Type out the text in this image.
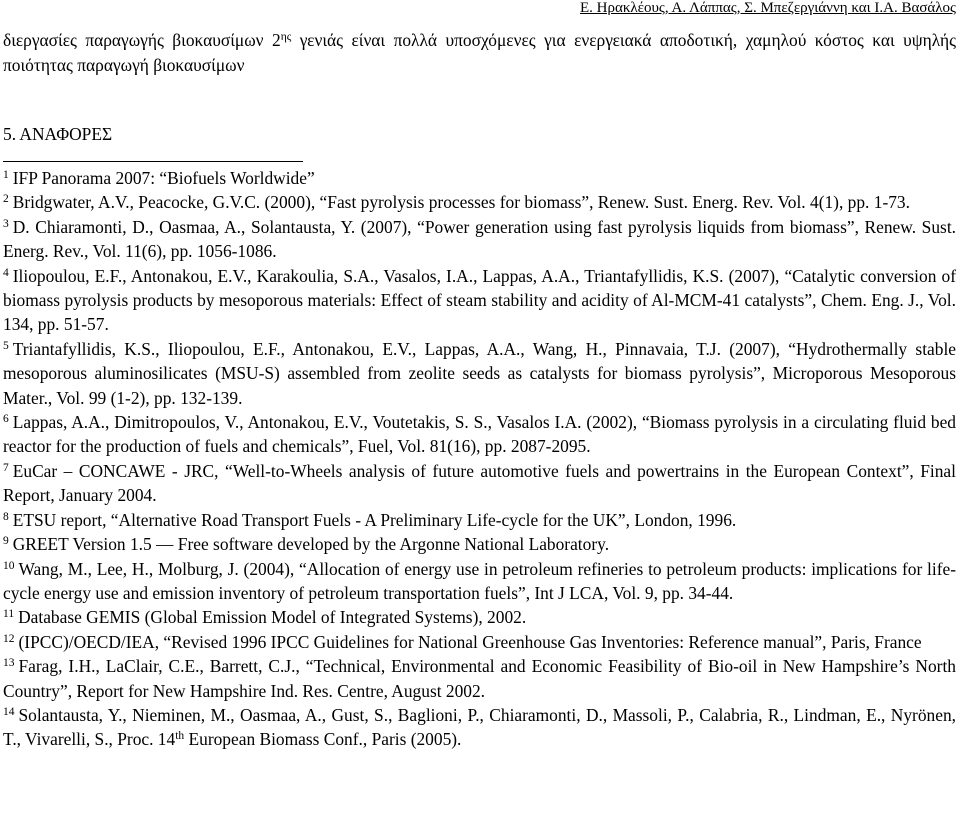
Ε. Ηρακλέους, Α. Λάππας, Σ. Μπεζεργιάννη και Ι.Α. Βασάλος

διεργασίες παραγωγής βιοκαυσίμων $2^{\eta\varsigma}$ γενιάς είναι πολλά υποσχόμενες για ενεργειακά αποδοτική, χαμηλού κόστος και υψηλής ποιότητας παραγωγή βιοκαυσίμων

5. ΑΝΑΦΟΡΕΣ

$^1$ IFP Panorama 2007: “Biofuels Worldwide”

$^2$ Bridgwater, A.V., Peacocke, G.V.C. (2000), “Fast pyrolysis processes for biomass”, Renew. Sust. Energ. Rev. Vol. 4(1), pp. 1-73.

$^3$ D. Chiaramonti, D., Oasmaa, A., Solantausta, Y. (2007), “Power generation using fast pyrolysis liquids from biomass”, Renew. Sust. Energ. Rev., Vol. 11(6), pp. 1056-1086.

$^4$ Iliopoulou, E.F., Antonakou, E.V., Karakoulia, S.A., Vasalos, I.A., Lappas, A.A., Triantafyllidis, K.S. (2007), “Catalytic conversion of biomass pyrolysis products by mesoporous materials: Effect of steam stability and acidity of Al-MCM-41 catalysts”, Chem. Eng. J., Vol. 134, pp. 51-57.

$^5$ Triantafyllidis, K.S., Iliopoulou, E.F., Antonakou, E.V., Lappas, A.A., Wang, H., Pinnavaia, T.J. (2007), “Hydrothermally stable mesoporous aluminosilicates (MSU-S) assembled from zeolite seeds as catalysts for biomass pyrolysis”, Microporous Mesoporous Mater., Vol. 99 (1-2), pp. 132-139.

$^6$ Lappas, A.A., Dimitropoulos, V., Antonakou, E.V., Voutetakis, S. S., Vasalos I.A. (2002), “Biomass pyrolysis in a circulating fluid bed reactor for the production of fuels and chemicals”, Fuel, Vol. 81(16), pp. 2087-2095.

$^7$ EuCar – CONCAWE - JRC, “Well-to-Wheels analysis of future automotive fuels and powertrains in the European Context”, Final Report, January 2004.

$^8$ ETSU report, “Alternative Road Transport Fuels - A Preliminary Life-cycle for the UK”, London, 1996.

$^9$ GREET Version 1.5 — Free software developed by the Argonne National Laboratory.

$^{10}$ Wang, M., Lee, H., Molburg, J. (2004), “Allocation of energy use in petroleum refineries to petroleum products: implications for life-cycle energy use and emission inventory of petroleum transportation fuels”, Int J LCA, Vol. 9, pp. 34-44.

$^{11}$ Database GEMIS (Global Emission Model of Integrated Systems), 2002.

$^{12}$ (IPCC)/OECD/IEA, “Revised 1996 IPCC Guidelines for National Greenhouse Gas Inventories: Reference manual”, Paris, France

$^{13}$ Farag, I.H., LaClair, C.E., Barrett, C.J., “Technical, Environmental and Economic Feasibility of Bio-oil in New Hampshire’s North Country”, Report for New Hampshire Ind. Res. Centre, August 2002.

$^{14}$ Solantausta, Y., Nieminen, M., Oasmaa, A., Gust, S., Baglioni, P., Chiaramonti, D., Massoli, P., Calabria, R., Lindman, E., Nyrönen, T., Vivarelli, S., Proc. 14th European Biomass Conf., Paris (2005).
